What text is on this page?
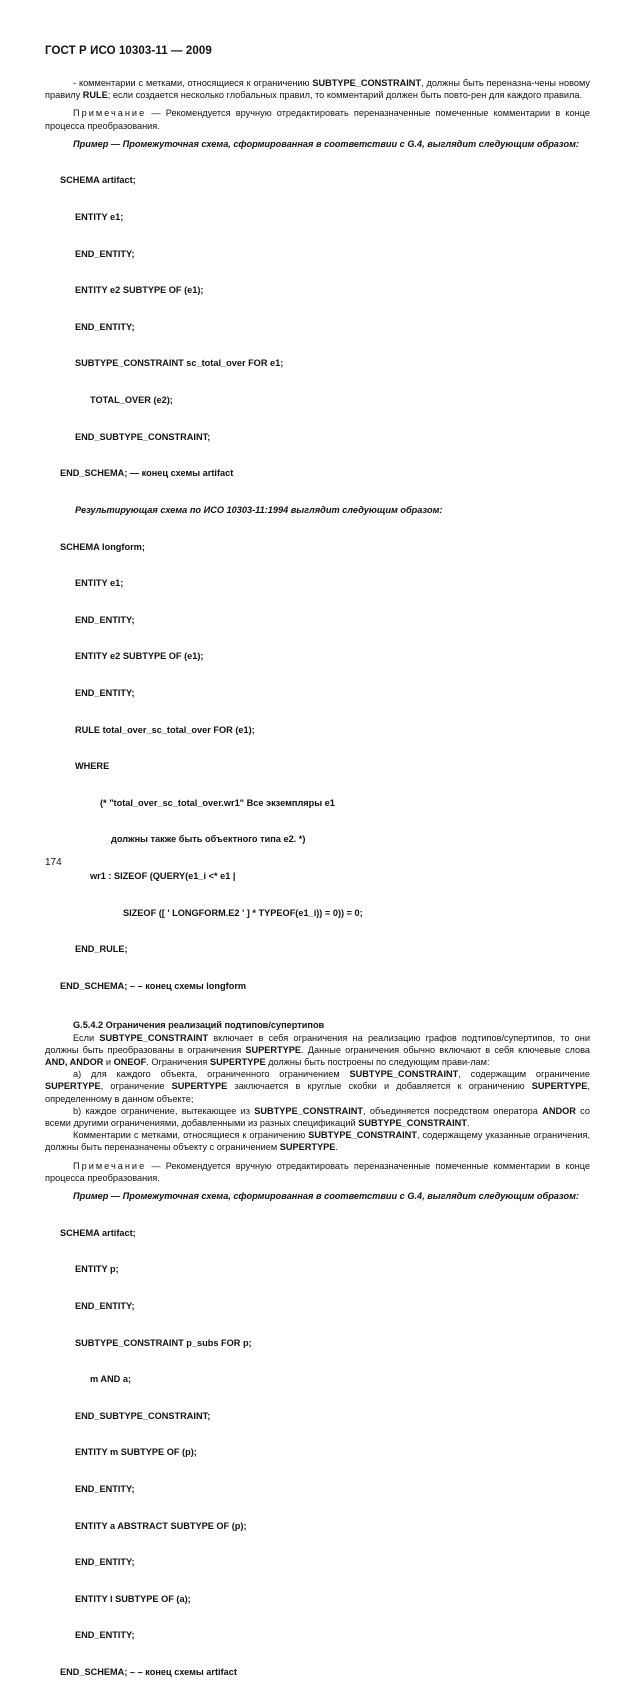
ГОСТ Р ИСО 10303-11 — 2009

- комментарии с метками, относящиеся к ограничению SUBTYPE_CONSTRAINT, должны быть переназна-чены новому правилу RULE; если создается несколько глобальных правил, то комментарий должен быть повто-рен для каждого правила.

Примечание — Рекомендуется вручную отредактировать переназначенные помеченные комментарии в конце процесса преобразования.

Пример — Промежуточная схема, сформированная в соответствии с G.4, выглядит следующим образом:

SCHEMA artifact;

ENTITY e1;

END_ENTITY;

ENTITY e2 SUBTYPE OF (e1);

END_ENTITY;

SUBTYPE_CONSTRAINT sc_total_over FOR e1;

TOTAL_OVER (e2);

END_SUBTYPE_CONSTRAINT;

END_SCHEMA; — конец схемы artifact

Результирующая схема по ИСО 10303-11:1994 выглядит следующим образом:

SCHEMA longform;

ENTITY e1;

END_ENTITY;

ENTITY e2 SUBTYPE OF (e1);

END_ENTITY;

RULE total_over_sc_total_over FOR (e1);

WHERE

(* "total_over_sc_total_over.wr1" Все экземпляры e1

должны также быть объектного типа e2. *)

wr1 : SIZEOF (QUERY(e1_i <* e1 |

SIZEOF ([ ' LONGFORM.E2 ' ] * TYPEOF(e1_i)) = 0)) = 0;

END_RULE;

END_SCHEMA; – – конец схемы longform

G.5.4.2 Ограничения реализаций подтипов/супертипов

Если SUBTYPE_CONSTRAINT включает в себя ограничения на реализацию графов подтипов/супертипов, то они должны быть преобразованы в ограничения SUPERTYPE. Данные ограничения обычно включают в себя ключевые слова AND, ANDOR и ONEOF. Ограничения SUPERTYPE должны быть построены по следующим прави-лам:

а) для каждого объекта, ограниченного ограничением SUBTYPE_CONSTRAINT, содержащим ограничение SUPERTYPE, ограничение SUPERTYPE заключается в круглые скобки и добавляется к ограничению SUPERTYPE, определенному в данном объекте;

b) каждое ограничение, вытекающее из SUBTYPE_CONSTRAINT, объединяется посредством оператора ANDOR со всеми другими ограничениями, добавленными из разных спецификаций SUBTYPE_CONSTRAINT.

Комментарии с метками, относящиеся к ограничению SUBTYPE_CONSTRAINT, содержащему указанные ограничения, должны быть переназначены объекту с ограничением SUPERTYPE.

Примечание — Рекомендуется вручную отредактировать переназначенные помеченные комментарии в конце процесса преобразования.

Пример — Промежуточная схема, сформированная в соответствии с G.4, выглядит следующим образом:

SCHEMA artifact;

ENTITY p;

END_ENTITY;

SUBTYPE_CONSTRAINT p_subs FOR p;

m AND a;

END_SUBTYPE_CONSTRAINT;

ENTITY m SUBTYPE OF (p);

END_ENTITY;

ENTITY a ABSTRACT SUBTYPE OF (p);

END_ENTITY;

ENTITY l SUBTYPE OF (a);

END_ENTITY;

END_SCHEMA; – – конец схемы artifact

174
